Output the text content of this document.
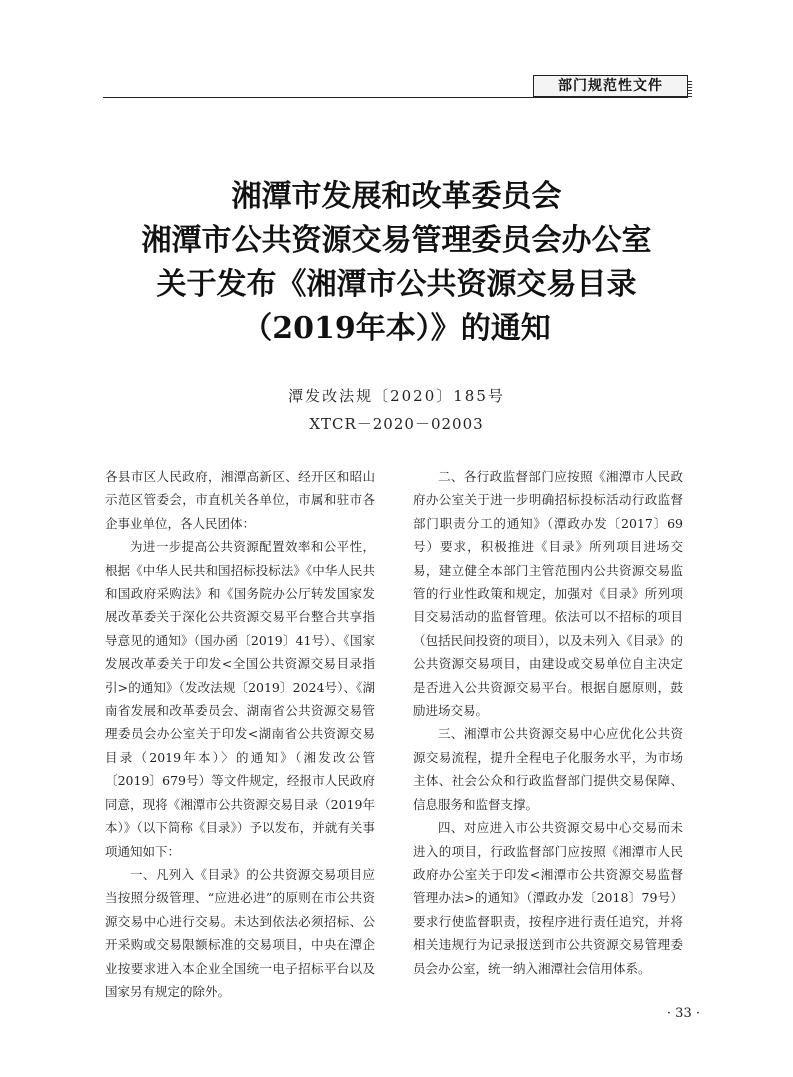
部门规范性文件
湘潭市发展和改革委员会
湘潭市公共资源交易管理委员会办公室
关于发布《湘潭市公共资源交易目录
（2019年本）》的通知
潭发改法规〔2020〕185号
XTCR－2020－02003

各县市区人民政府，湘潭高新区、经开区和昭山示范区管委会，市直机关各单位，市属和驻市各企事业单位，各人民团体：

为进一步提高公共资源配置效率和公平性，根据《中华人民共和国招标投标法》《中华人民共和国政府采购法》和《国务院办公厅转发国家发展改革委关于深化公共资源交易平台整合共享指导意见的通知》（国办函〔2019〕41号）、《国家发展改革委关于印发<全国公共资源交易目录指引>的通知》（发改法规〔2019〕2024号）、《湖南省发展和改革委员会、湖南省公共资源交易管理委员会办公室关于印发<湖南省公共资源交易目录（2019年本）〉的通知》（湘发改公管〔2019〕679号）等文件规定，经报市人民政府同意，现将《湘潭市公共资源交易目录（2019年本）》（以下简称《目录》）予以发布，并就有关事项通知如下：

一、凡列入《目录》的公共资源交易项目应当按照分级管理、“应进必进”的原则在市公共资源交易中心进行交易。未达到依法必须招标、公开采购或交易限额标准的交易项目，中央在潭企业按要求进入本企业全国统一电子招标平台以及国家另有规定的除外。

二、各行政监督部门应按照《湘潭市人民政府办公室关于进一步明确招标投标活动行政监督部门职责分工的通知》（潭政办发〔2017〕69号）要求，积极推进《目录》所列项目进场交易，建立健全本部门主管范围内公共资源交易监管的行业性政策和规定，加强对《目录》所列项目交易活动的监督管理。依法可以不招标的项目（包括民间投资的项目），以及未列入《目录》的公共资源交易项目，由建设或交易单位自主决定是否进入公共资源交易平台。根据自愿原则，鼓励进场交易。

三、湘潭市公共资源交易中心应优化公共资源交易流程，提升全程电子化服务水平，为市场主体、社会公众和行政监督部门提供交易保障、信息服务和监督支撑。

四、对应进入市公共资源交易中心交易而未进入的项目，行政监督部门应按照《湘潭市人民政府办公室关于印发<湘潭市公共资源交易监督管理办法>的通知》（潭政办发〔2018〕79号）要求行使监督职责，按程序进行责任追究，并将相关违规行为记录报送到市公共资源交易管理委员会办公室，统一纳入湘潭社会信用体系。

· 33 ·
